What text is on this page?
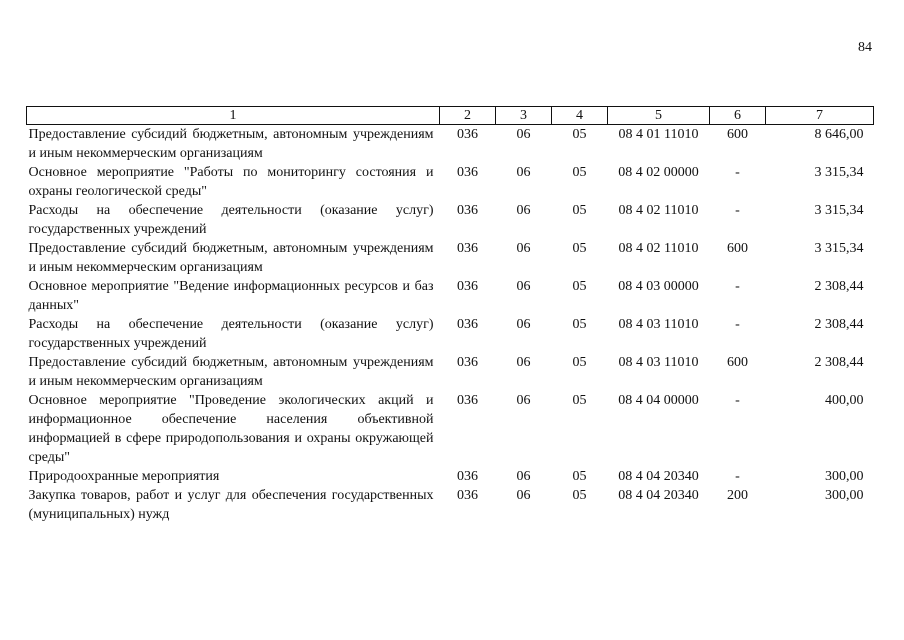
84
1	2	3	4	5	6	7
Предоставление субсидий бюджетным, автономным учреждениям и иным некоммерческим организациям	036	06	05	08 4 01 11010	600	8 646,00
Основное мероприятие "Работы по мониторингу состояния и охраны геологической среды"	036	06	05	08 4 02 00000	-	3 315,34
Расходы на обеспечение деятельности (оказание услуг) государственных учреждений	036	06	05	08 4 02 11010	-	3 315,34
Предоставление субсидий бюджетным, автономным учреждениям и иным некоммерческим организациям	036	06	05	08 4 02 11010	600	3 315,34
Основное мероприятие "Ведение информационных ресурсов и баз данных"	036	06	05	08 4 03 00000	-	2 308,44
Расходы на обеспечение деятельности (оказание услуг) государственных учреждений	036	06	05	08 4 03 11010	-	2 308,44
Предоставление субсидий бюджетным, автономным учреждениям и иным некоммерческим организациям	036	06	05	08 4 03 11010	600	2 308,44
Основное мероприятие "Проведение экологических акций и информационное обеспечение населения объективной информацией в сфере природопользования и охраны окружающей среды"	036	06	05	08 4 04 00000	-	400,00
Природоохранные мероприятия	036	06	05	08 4 04 20340	-	300,00
Закупка товаров, работ и услуг для обеспечения государственных (муниципальных) нужд	036	06	05	08 4 04 20340	200	300,00
